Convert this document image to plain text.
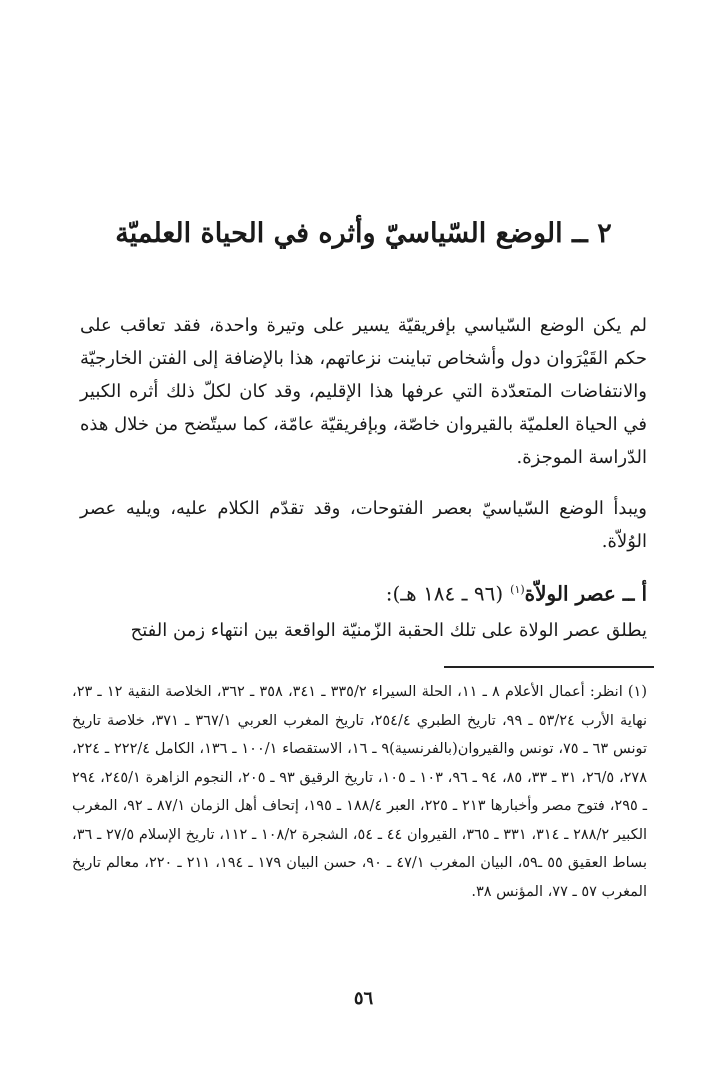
٢ ــ الوضع السّياسيّ وأثره في الحياة العلميّة

لم يكن الوضع السّياسي بإفريقيّة يسير على وتيرة واحدة، فقد تعاقب على حكم القَيْرَوان دول وأشخاص تباينت نزعاتهم، هذا بالإضافة إلى الفتن الخارجيّة والانتفاضات المتعدّدة التي عرفها هذا الإقليم، وقد كان لكلّ ذلك أثره الكبير في الحياة العلميّة بالقيروان خاصّة، وبإفريقيّة عامّة، كما سيتّضح من خلال هذه الدّراسة الموجزة.

ويبدأ الوضع السّياسيّ بعصر الفتوحات، وقد تقدّم الكلام عليه، ويليه عصر الوُلاّة.

أ ــ عصر الولاّة$^{(١)}$ (٩٦ ـ ١٨٤ هـ):

يطلق عصر الولاة على تلك الحقبة الزّمنيّة الواقعة بين انتهاء زمن الفتح

(١) انظر: أعمال الأعلام ٨ ـ ١١، الحلة السيراء ٣٣٥/٢ ـ ٣٤١، ٣٥٨ ـ ٣٦٢، الخلاصة النقية ١٢ ـ ٢٣، نهاية الأرب ٥٣/٢٤ ـ ٩٩، تاريخ الطبري ٢٥٤/٤، تاريخ المغرب العربي ٣٦٧/١ ـ ٣٧١، خلاصة تاريخ تونس ٦٣ ـ ٧٥، تونس والقيروان(بالفرنسية)٩ ـ ١٦، الاستقصاء ١٠٠/١ ـ ١٣٦، الكامل ٢٢٢/٤ ـ ٢٢٤، ٢٧٨، ٢٦/٥، ٣١ ـ ٣٣، ٨٥، ٩٤ ـ ٩٦، ١٠٣ ـ ١٠٥، تاريخ الرقيق ٩٣ ـ ٢٠٥، النجوم الزاهرة ٢٤٥/١، ٢٩٤ ـ ٢٩٥، فتوح مصر وأخبارها ٢١٣ ـ ٢٢٥، العبر ١٨٨/٤ ـ ١٩٥، إتحاف أهل الزمان ٨٧/١ ـ ٩٢، المغرب الكبير ٢٨٨/٢ ـ ٣١٤، ٣٣١ ـ ٣٦٥، القيروان ٤٤ ـ ٥٤، الشجرة ١٠٨/٢ ـ ١١٢، تاريخ الإسلام ٢٧/٥ ـ ٣٦، بساط العقيق ٥٥ ـ٥٩، البيان المغرب ٤٧/١ ـ ٩٠، حسن البيان ١٧٩ ـ ١٩٤، ٢١١ ـ ٢٢٠، معالم تاريخ المغرب ٥٧ ـ ٧٧، المؤنس ٣٨.

٥٦
